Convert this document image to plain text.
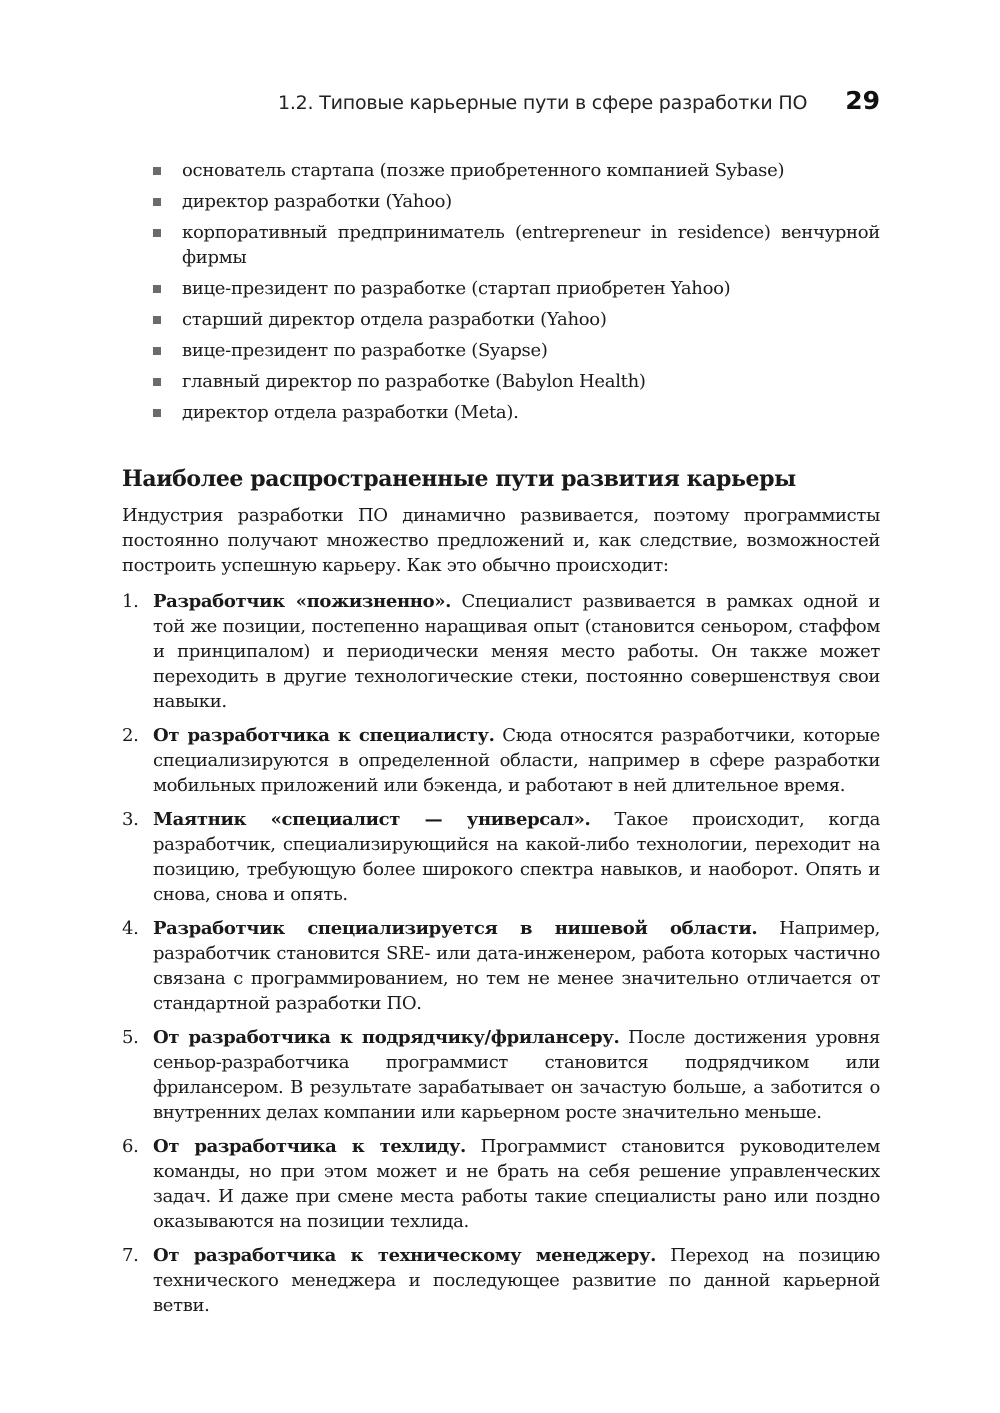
1.2. Типовые карьерные пути в сфере разработки ПО 29
основатель стартапа (позже приобретенного компанией Sybase)
директор разработки (Yahoo)
корпоративный предприниматель (entrepreneur in residence) венчурной фирмы
вице-президент по разработке (стартап приобретен Yahoo)
старший директор отдела разработки (Yahoo)
вице-президент по разработке (Syapse)
главный директор по разработке (Babylon Health)
директор отдела разработки (Meta).
Наиболее распространенные пути развития карьеры

Индустрия разработки ПО динамично развивается, поэтому программисты постоянно получают множество предложений и, как следствие, возможностей построить успешную карьеру. Как это обычно происходит:

1. Разработчик «пожизненно». Специалист развивается в рамках одной и той же позиции, постепенно наращивая опыт (становится сеньором, стаффом и принципалом) и периодически меняя место работы. Он также может переходить в другие технологические стеки, постоянно совершенствуя свои навыки.
2. От разработчика к специалисту. Сюда относятся разработчики, которые специализируются в определенной области, например в сфере разработки мобильных приложений или бэкенда, и работают в ней длительное время.
3. Маятник «специалист — универсал». Такое происходит, когда разработчик, специализирующийся на какой-либо технологии, переходит на позицию, требующую более широкого спектра навыков, и наоборот. Опять и снова, снова и опять.
4. Разработчик специализируется в нишевой области. Например, разработчик становится SRE- или дата-инженером, работа которых частично связана с программированием, но тем не менее значительно отличается от стандартной разработки ПО.
5. От разработчика к подрядчику/фрилансеру. После достижения уровня сеньор-разработчика программист становится подрядчиком или фрилансером. В результате зарабатывает он зачастую больше, а заботится о внутренних делах компании или карьерном росте значительно меньше.
6. От разработчика к техлиду. Программист становится руководителем команды, но при этом может и не брать на себя решение управленческих задач. И даже при смене места работы такие специалисты рано или поздно оказываются на позиции техлида.
7. От разработчика к техническому менеджеру. Переход на позицию технического менеджера и последующее развитие по данной карьерной ветви.
